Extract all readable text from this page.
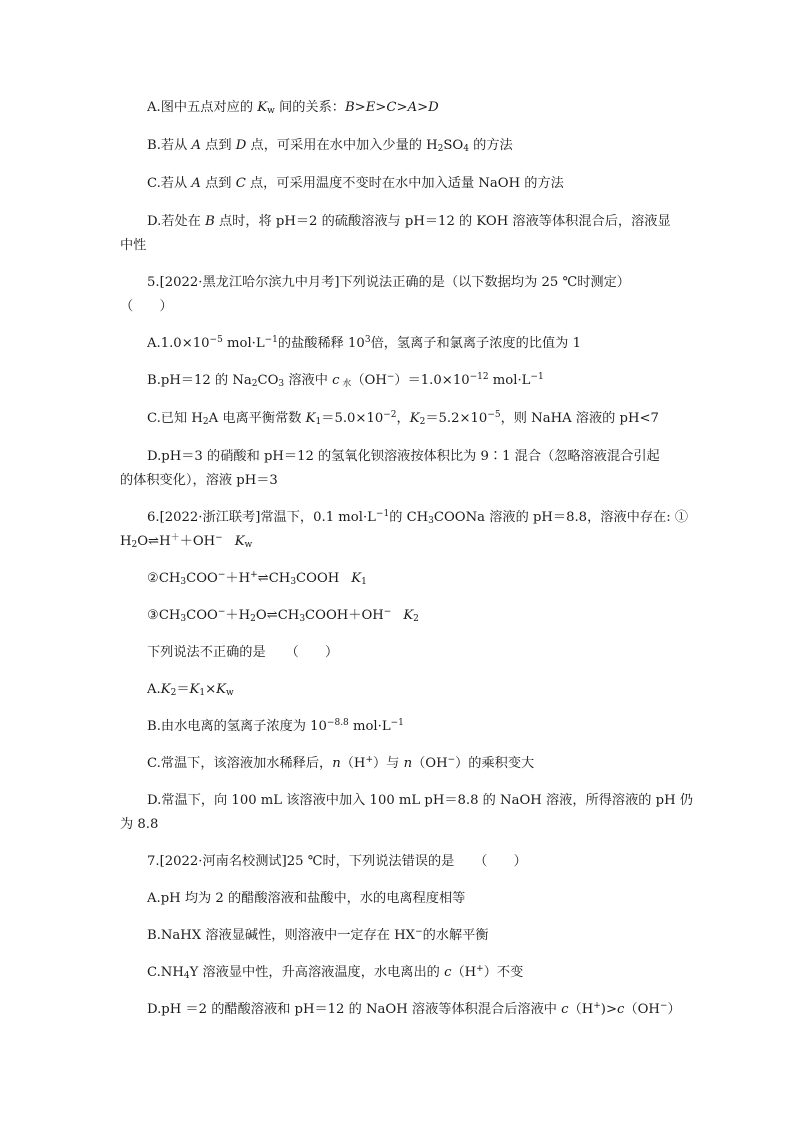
A.图中五点对应的 $K_w$ 间的关系：B>E>C>A>D
B.若从 A 点到 D 点，可采用在水中加入少量的 $H_2SO_4$ 的方法
C.若从 A 点到 C 点，可采用温度不变时在水中加入适量 NaOH 的方法
D.若处在 B 点时，将 pH＝2 的硫酸溶液与 pH＝12 的 KOH 溶液等体积混合后，溶液显
中性
5.[2022·黑龙江哈尔滨九中月考]下列说法正确的是（以下数据均为 25 ℃时测定）
（　　）
$A.1.0\times 10^{-5}$ $mol\cdot L^{-1}$的盐酸稀释 $10^3$倍，氢离子和氯离子浓度的比值为 1
B.pH＝12 的 $Na_2CO_3$ 溶液中 c $_水(OH^-)=1.0\times 10^{-12}$ $mol\cdot L^{-1}$
C.已知 $H_2A$ 电离平衡常数 $K_1=5.0\times 10^{-2}$，$K_2=5.2\times 10^{-5}$，则 NaHA 溶液的 pH<7
D.pH＝3 的硝酸和 pH＝12 的氢氧化钡溶液按体积比为 9∶1 混合（忽略溶液混合引起
的体积变化），溶液 pH＝3
6.[2022·浙江联考]常温下，0.1 $mol\cdot L^{-1}$的 $CH_3COONa$ 溶液的 pH＝8.8，溶液中存在: ①
$H_2O\rightleftharpoons H^++OH^-$ $K_w$
$②CH_3COO^-+H^+\rightleftharpoons CH_3COOH$ $K_1$
$③CH_3COO^-+H_2O\rightleftharpoons CH_3COOH+OH^-$ $K_2$
下列说法不正确的是　　（　　）
$A.K_2=K_1\times K_w$
B.由水电离的氢离子浓度为 $10^{-8.8}$ $mol\cdot L^{-1}$
C.常温下，该溶液加水稀释后，n（H+）与 n（OH−）的乘积变大
D.常温下，向 100 mL 该溶液中加入 100 mL pH＝8.8 的 NaOH 溶液，所得溶液的 pH 仍
为 8.8
7.[2022·河南名校测试]25 ℃时，下列说法错误的是　　（　　）
A.pH 均为 2 的醋酸溶液和盐酸中，水的电离程度相等
B.NaHX 溶液显碱性，则溶液中一定存在 HX−的水解平衡
$C.NH_4Y$ 溶液显中性，升高溶液温度，水电离出的 c（H+）不变
D.pH ＝2 的醋酸溶液和 pH＝12 的 NaOH 溶液等体积混合后溶液中 c（H+)>c（OH−）
